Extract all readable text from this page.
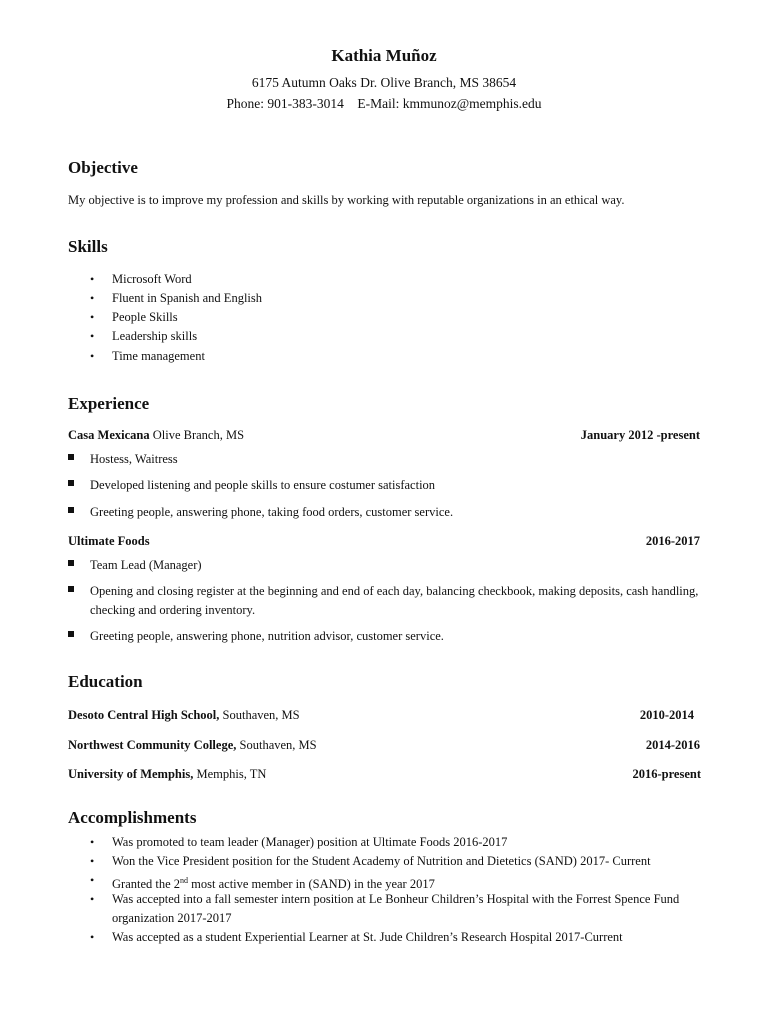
Kathia Muñoz

6175 Autumn Oaks Dr. Olive Branch, MS 38654

Phone: 901-383-3014    E-Mail: kmmunoz@memphis.edu

Objective

My objective is to improve my profession and skills by working with reputable organizations in an ethical way.

Skills

• Microsoft Word

• Fluent in Spanish and English

• People Skills

• Leadership skills

• Time management

Experience

Casa Mexicana Olive Branch, MS	January 2012 -present

Hostess, Waitress

Developed listening and people skills to ensure costumer satisfaction

Greeting people, answering phone, taking food orders, customer service.

Ultimate Foods	2016-2017

Team Lead (Manager)

Opening and closing register at the beginning and end of each day, balancing checkbook, making deposits, cash handling, checking and ordering inventory.

Greeting people, answering phone, nutrition advisor, customer service.

Education

Desoto Central High School, Southaven, MS	2010-2014
Northwest Community College, Southaven, MS	2014-2016
University of Memphis, Memphis, TN	2016-present

Accomplishments

• Was promoted to team leader (Manager) position at Ultimate Foods 2016-2017

• Won the Vice President position for the Student Academy of Nutrition and Dietetics (SAND) 2017- Current

• Granted the 2nd most active member in (SAND) in the year 2017

• Was accepted into a fall semester intern position at Le Bonheur Children’s Hospital with the Forrest Spence Fund organization 2017-2017

• Was accepted as a student Experiential Learner at St. Jude Children’s Research Hospital 2017-Current
